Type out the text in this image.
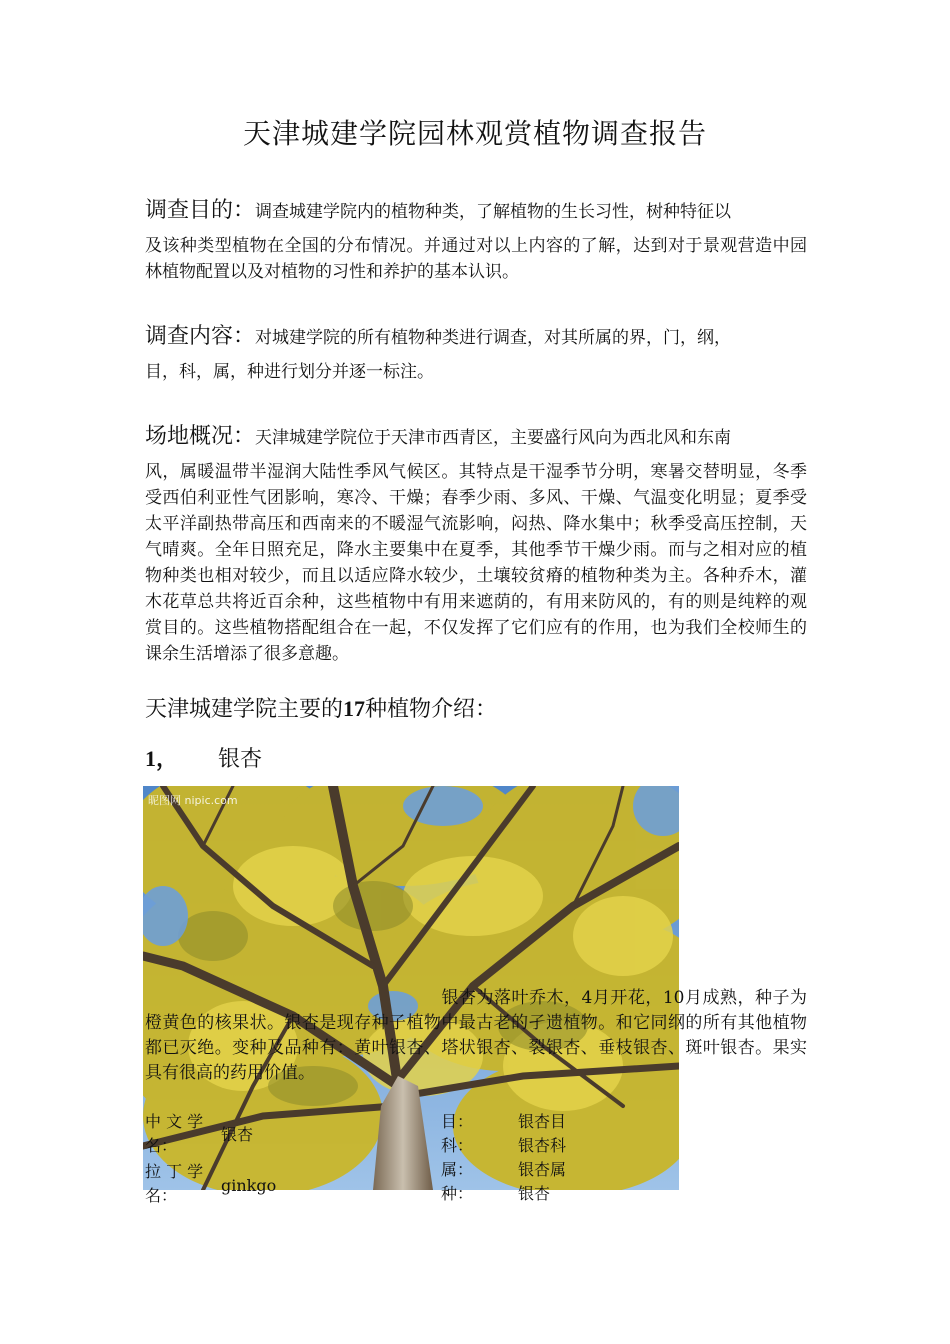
天津城建学院园林观赏植物调查报告
调查目的：调查城建学院内的植物种类，了解植物的生长习性，树种特征以
及该种类型植物在全国的分布情况。并通过对以上内容的了解，达到对于景观营造中园林植物配置以及对植物的习性和养护的基本认识。
调查内容：对城建学院的所有植物种类进行调查，对其所属的界，门，纲，
目，科，属，种进行划分并逐一标注。
场地概况：天津城建学院位于天津市西青区，主要盛行风向为西北风和东南
风，属暖温带半湿润大陆性季风气候区。其特点是干湿季节分明，寒暑交替明显，冬季受西伯利亚性气团影响，寒冷、干燥；春季少雨、多风、干燥、气温变化明显；夏季受太平洋副热带高压和西南来的不暖湿气流影响，闷热、降水集中；秋季受高压控制，天气晴爽。全年日照充足，降水主要集中在夏季，其他季节干燥少雨。而与之相对应的植物种类也相对较少，而且以适应降水较少，土壤较贫瘠的植物种类为主。各种乔木，灌木花草总共将近百余种，这些植物中有用来遮荫的，有用来防风的，有的则是纯粹的观赏目的。这些植物搭配组合在一起，不仅发挥了它们应有的作用，也为我们全校师生的课余生活增添了很多意趣。
天津城建学院主要的17种植物介绍：
1， 银杏
昵图网 nipic.com
银杏为落叶乔木，4月开花，10月成熟，种子为橙黄色的核果状。银杏是现存种子植物中最古老的孑遗植物。和它同纲的所有其他植物都已灭绝。变种及品种有：黄叶银杏、塔状银杏、裂银杏、垂枝银杏、斑叶银杏。果实具有很高的药用价值。
中 文 学
名：
银杏
拉 丁 学
名：
ginkgo
目：
科：
属：
种：
银杏目
银杏科
银杏属
银杏
